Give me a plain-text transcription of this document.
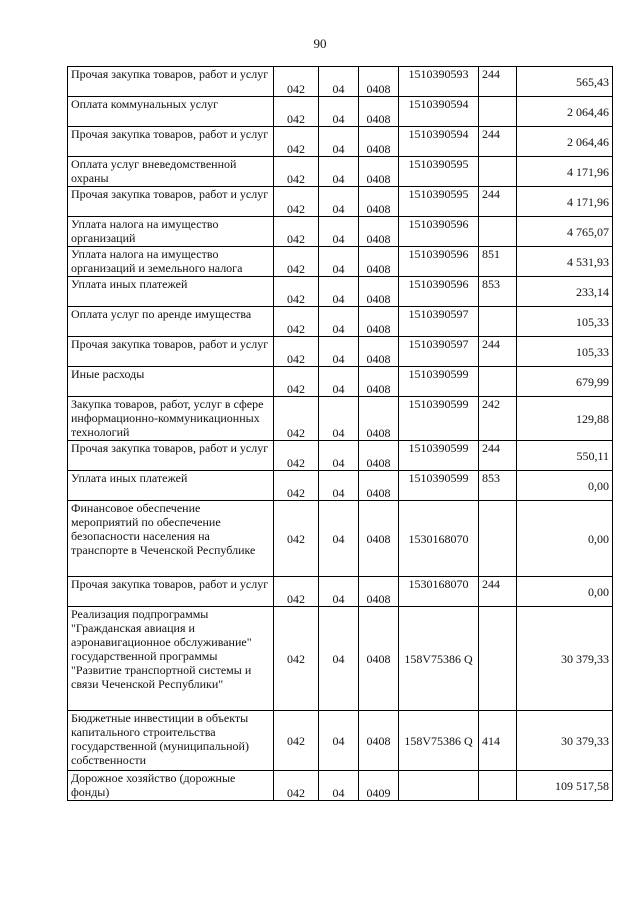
90
Прочая закупка товаров, работ и услуг	042	04	0408	1510390593	244	565,43
Оплата коммунальных услуг	042	04	0408	1510390594		2 064,46
Прочая закупка товаров, работ и услуг	042	04	0408	1510390594	244	2 064,46
Оплата услуг вневедомственной охраны	042	04	0408	1510390595		4 171,96
Прочая закупка товаров, работ и услуг	042	04	0408	1510390595	244	4 171,96
Уплата налога на имущество организаций	042	04	0408	1510390596		4 765,07
Уплата налога на имущество организаций и земельного налога	042	04	0408	1510390596	851	4 531,93
Уплата иных платежей	042	04	0408	1510390596	853	233,14
Оплата услуг по аренде имущества	042	04	0408	1510390597		105,33
Прочая закупка товаров, работ и услуг	042	04	0408	1510390597	244	105,33
Иные расходы	042	04	0408	1510390599		679,99
Закупка товаров, работ, услуг в сфере информационно-коммуникационных технологий	042	04	0408	1510390599	242	129,88
Прочая закупка товаров, работ и услуг	042	04	0408	1510390599	244	550,11
Уплата иных платежей	042	04	0408	1510390599	853	0,00
Финансовое обеспечение мероприятий по обеспечение безопасности населения на транспорте в Чеченской Республике	042	04	0408	1530168070		0,00
Прочая закупка товаров, работ и услуг	042	04	0408	1530168070	244	0,00
Реализация подпрограммы "Гражданская авиация и аэронавигационное обслуживание" государственной программы "Развитие транспортной системы и связи Чеченской Республики"	042	04	0408	158V75386 Q		30 379,33
Бюджетные инвестиции в объекты капитального строительства государственной (муниципальной) собственности	042	04	0408	158V75386 Q	414	30 379,33
Дорожное хозяйство (дорожные фонды)	042	04	0409			109 517,58
